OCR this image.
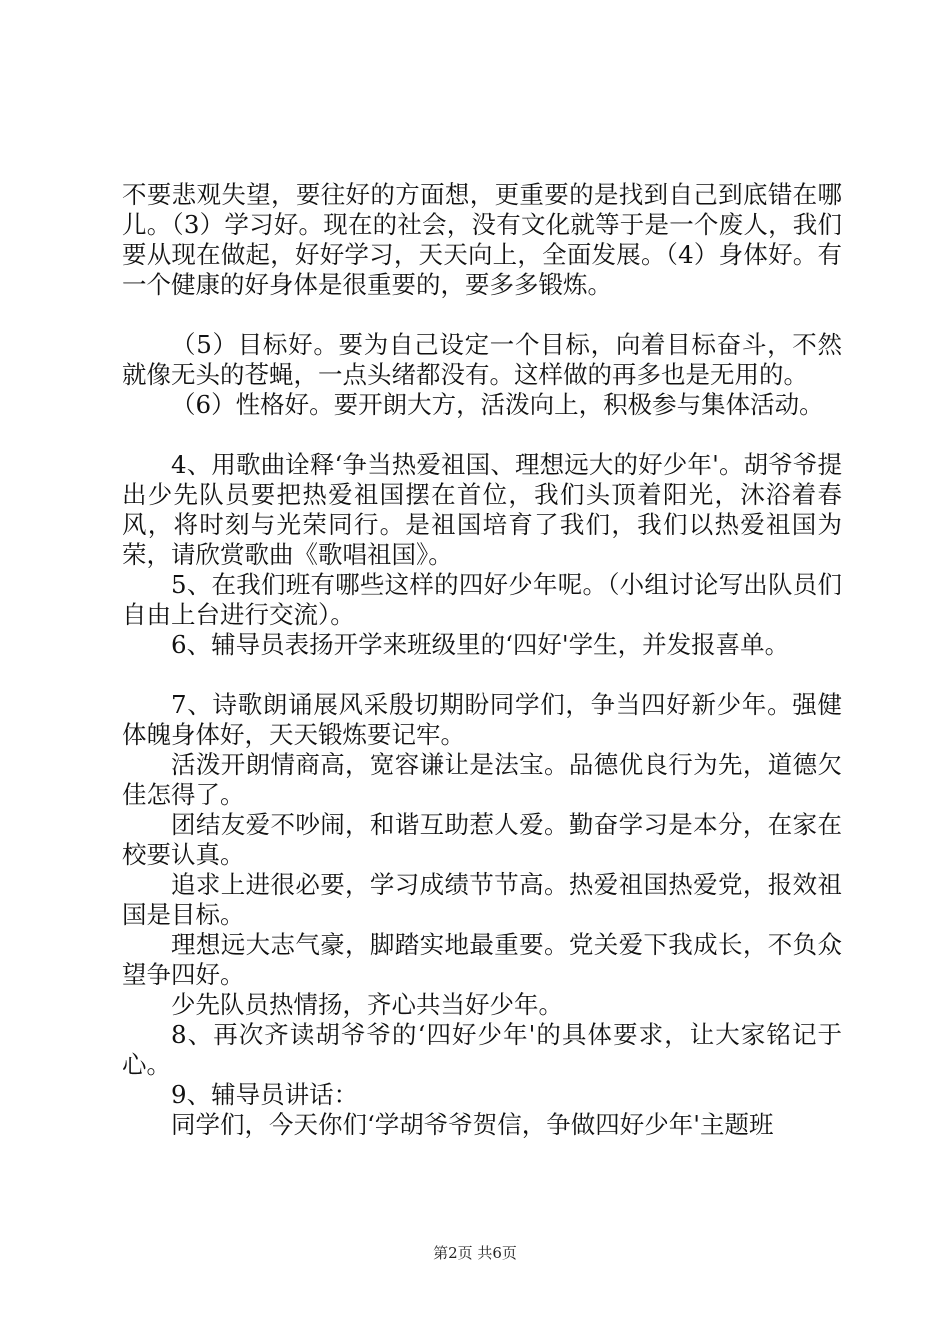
不要悲观失望，要往好的方面想，更重要的是找到自己到底错在哪儿。（3）学习好。现在的社会，没有文化就等于是一个废人，我们要从现在做起，好好学习，天天向上，全面发展。（4）身体好。有一个健康的好身体是很重要的，要多多锻炼。

（5）目标好。要为自己设定一个目标，向着目标奋斗，不然就像无头的苍蝇，一点头绪都没有。这样做的再多也是无用的。

（6）性格好。要开朗大方，活泼向上，积极参与集体活动。

4、用歌曲诠释‘争当热爱祖国、理想远大的好少年'。胡爷爷提出少先队员要把热爱祖国摆在首位，我们头顶着阳光，沐浴着春风，将时刻与光荣同行。是祖国培育了我们，我们以热爱祖国为荣，请欣赏歌曲《歌唱祖国》。

5、在我们班有哪些这样的四好少年呢。（小组讨论写出队员们自由上台进行交流）。

6、辅导员表扬开学来班级里的‘四好'学生，并发报喜单。

7、诗歌朗诵展风采殷切期盼同学们，争当四好新少年。强健体魄身体好，天天锻炼要记牢。

活泼开朗情商高，宽容谦让是法宝。品德优良行为先，道德欠佳怎得了。

团结友爱不吵闹，和谐互助惹人爱。勤奋学习是本分，在家在校要认真。

追求上进很必要，学习成绩节节高。热爱祖国热爱党，报效祖国是目标。

理想远大志气豪，脚踏实地最重要。党关爱下我成长，不负众望争四好。

少先队员热情扬，齐心共当好少年。

8、再次齐读胡爷爷的‘四好少年'的具体要求，让大家铭记于心。

9、辅导员讲话：

同学们，今天你们‘学胡爷爷贺信，争做四好少年'主题班

第2页 共6页
